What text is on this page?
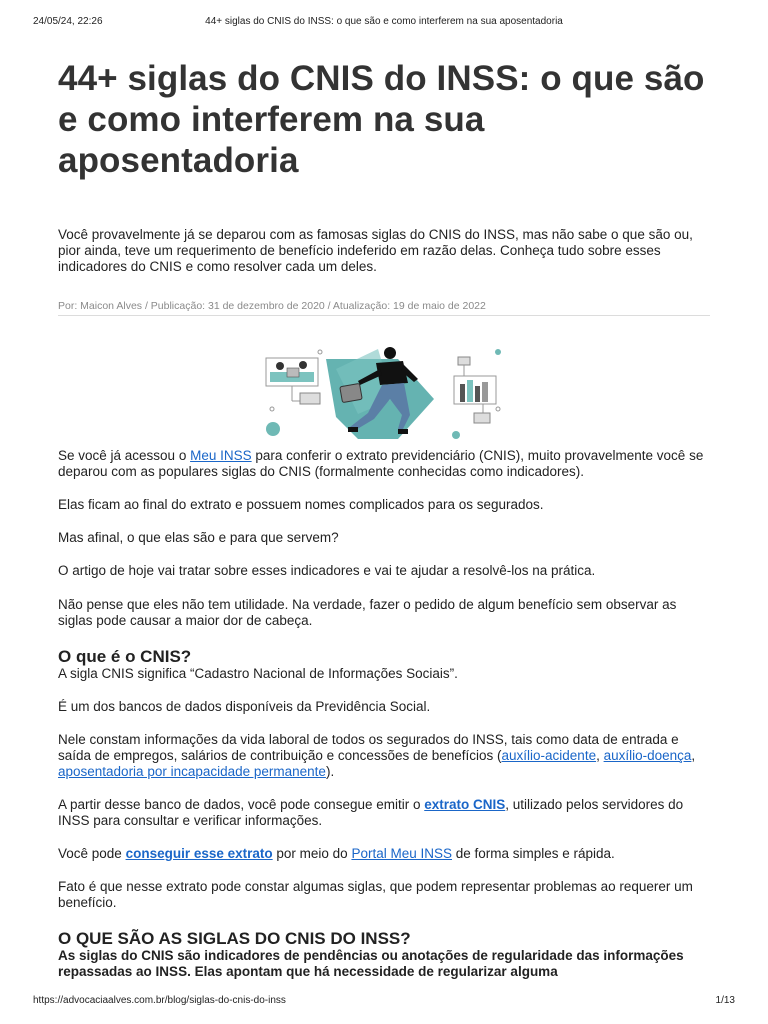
24/05/24, 22:26	44+ siglas do CNIS do INSS: o que são e como interferem na sua aposentadoria
44+ siglas do CNIS do INSS: o que são e como interferem na sua aposentadoria

Você provavelmente já se deparou com as famosas siglas do CNIS do INSS, mas não sabe o que são ou, pior ainda, teve um requerimento de benefício indeferido em razão delas. Conheça tudo sobre esses indicadores do CNIS e como resolver cada um deles.

Por: Maicon Alves / Publicação: 31 de dezembro de 2020 / Atualização: 19 de maio de 2022

Se você já acessou o Meu INSS para conferir o extrato previdenciário (CNIS), muito provavelmente você se deparou com as populares siglas do CNIS (formalmente conhecidas como indicadores).

Elas ficam ao final do extrato e possuem nomes complicados para os segurados.

Mas afinal, o que elas são e para que servem?

O artigo de hoje vai tratar sobre esses indicadores e vai te ajudar a resolvê-los na prática.

Não pense que eles não tem utilidade. Na verdade, fazer o pedido de algum benefício sem observar as siglas pode causar a maior dor de cabeça.

O que é o CNIS?

A sigla CNIS significa “Cadastro Nacional de Informações Sociais”.

É um dos bancos de dados disponíveis da Previdência Social.

Nele constam informações da vida laboral de todos os segurados do INSS, tais como data de entrada e saída de empregos, salários de contribuição e concessões de benefícios (auxílio-acidente, auxílio-doença, aposentadoria por incapacidade permanente).

A partir desse banco de dados, você pode consegue emitir o extrato CNIS, utilizado pelos servidores do INSS para consultar e verificar informações.

Você pode conseguir esse extrato por meio do Portal Meu INSS de forma simples e rápida.

Fato é que nesse extrato pode constar algumas siglas, que podem representar problemas ao requerer um benefício.

O QUE SÃO AS SIGLAS DO CNIS DO INSS?

As siglas do CNIS são indicadores de pendências ou anotações de regularidade das informações repassadas ao INSS. Elas apontam que há necessidade de regularizar alguma

https://advocaciaalves.com.br/blog/siglas-do-cnis-do-inss	1/13
